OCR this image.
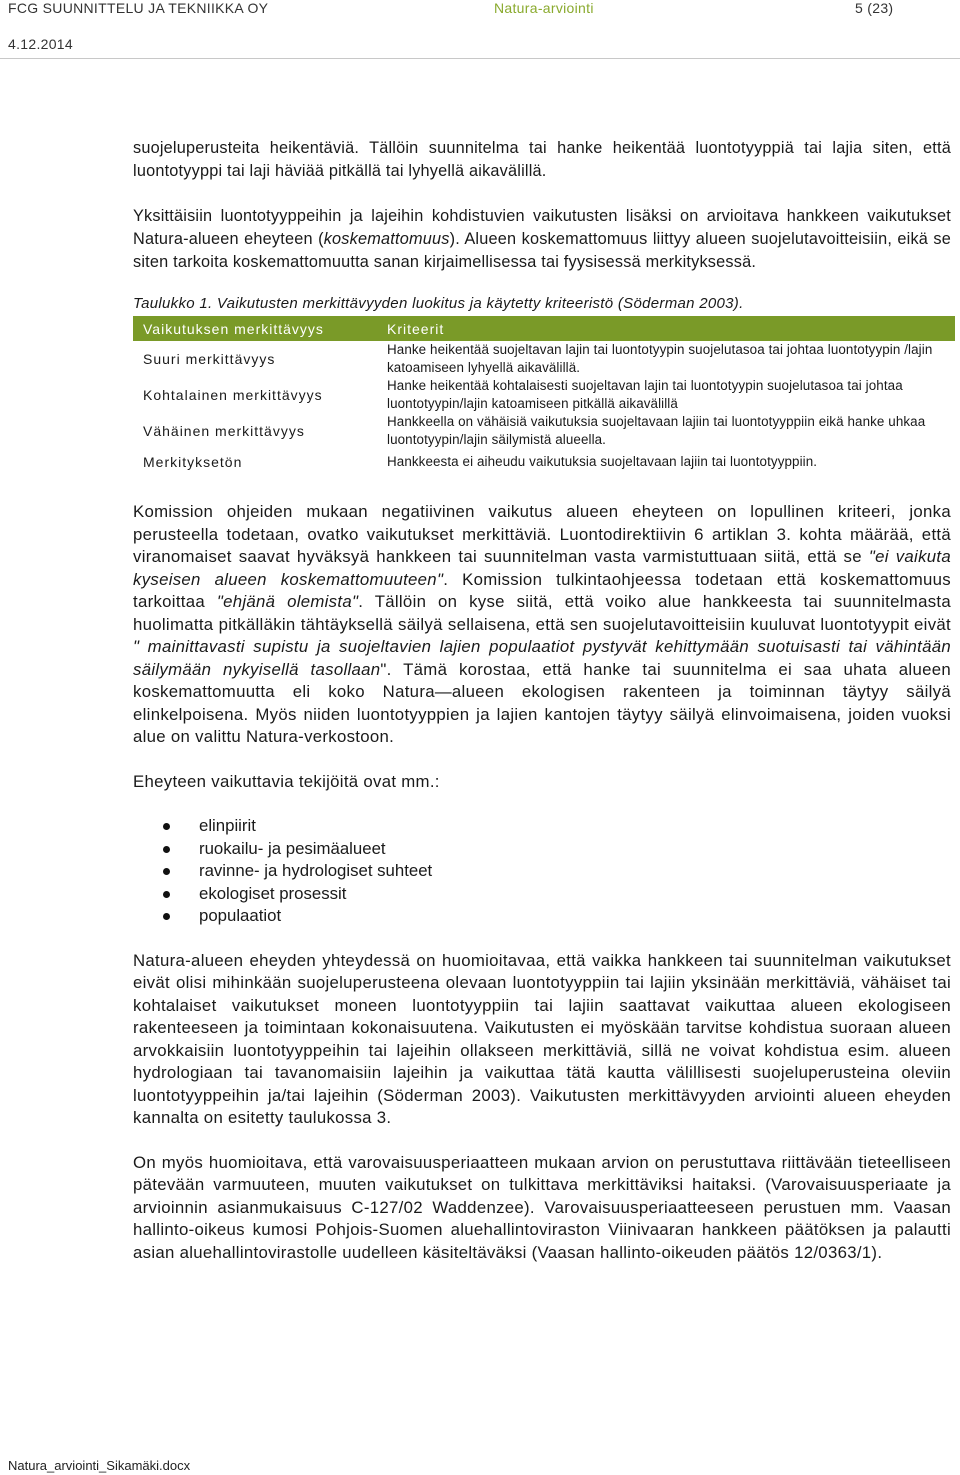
FCG SUUNNITTELU JA TEKNIIKKA OY	Natura-arviointi	5 (23)
4.12.2014

suojeluperusteita heikentäviä. Tällöin suunnitelma tai hanke heikentää luontotyyppiä tai lajia siten, että luontotyyppi tai laji häviää pitkällä tai lyhyellä aikavälillä.

Yksittäisiin luontotyyppeihin ja lajeihin kohdistuvien vaikutusten lisäksi on arvioitava hankkeen vaikutukset Natura-alueen eheyteen (koskemattomuus). Alueen koskemattomuus liittyy alueen suojelutavoitteisiin, eikä se siten tarkoita koskemattomuutta sanan kirjaimellisessa tai fyysisessä merkityksessä.

Taulukko 1. Vaikutusten merkittävyyden luokitus ja käytetty kriteeristö (Söderman 2003).

Vaikutuksen merkittävyys	Kriteerit
Suuri merkittävyys	Hanke heikentää suojeltavan lajin tai luontotyypin suojelutasoa tai johtaa luontotyypin /lajin katoamiseen lyhyellä aikavälillä.
Kohtalainen merkittävyys	Hanke heikentää kohtalaisesti suojeltavan lajin tai luontotyypin suojelutasoa tai johtaa luontotyypin/lajin katoamiseen pitkällä aikavälillä
Vähäinen merkittävyys	Hankkeella on vähäisiä vaikutuksia suojeltavaan lajiin tai luontotyyppiin eikä hanke uhkaa luontotyypin/lajin säilymistä alueella.
Merkityksetön	Hankkeesta ei aiheudu vaikutuksia suojeltavaan lajiin tai luontotyyppiin.

Komission ohjeiden mukaan negatiivinen vaikutus alueen eheyteen on lopullinen kriteeri, jonka perusteella todetaan, ovatko vaikutukset merkittäviä. Luontodirektiivin 6 artiklan 3. kohta määrää, että viranomaiset saavat hyväksyä hankkeen tai suunnitelman vasta varmistuttuaan siitä, että se "ei vaikuta kyseisen alueen koskemattomuuteen". Komission tulkintaohjeessa todetaan että koskemattomuus tarkoittaa "ehjänä olemista". Tällöin on kyse siitä, että voiko alue hankkeesta tai suunnitelmasta huolimatta pitkälläkin tähtäyksellä säilyä sellaisena, että sen suojelutavoitteisiin kuuluvat luontotyypit eivät " mainittavasti supistu ja suojeltavien lajien populaatiot pystyvät kehittymään suotuisasti tai vähintään säilymään nykyisellä tasollaan". Tämä korostaa, että hanke tai suunnitelma ei saa uhata alueen koskemattomuutta eli koko Natura—alueen ekologisen rakenteen ja toiminnan täytyy säilyä elinkelpoisena. Myös niiden luontotyyppien ja lajien kantojen täytyy säilyä elinvoimaisena, joiden vuoksi alue on valittu Natura-verkostoon.

Eheyteen vaikuttavia tekijöitä ovat mm.:

elinpiirit
ruokailu- ja pesimäalueet
ravinne- ja hydrologiset suhteet
ekologiset prosessit
populaatiot

Natura-alueen eheyden yhteydessä on huomioitavaa, että vaikka hankkeen tai suunnitelman vaikutukset eivät olisi mihinkään suojeluperusteena olevaan luontotyyppiin tai lajiin yksinään merkittäviä, vähäiset tai kohtalaiset vaikutukset moneen luontotyyppiin tai lajiin saattavat vaikuttaa alueen ekologiseen rakenteeseen ja toimintaan kokonaisuutena. Vaikutusten ei myöskään tarvitse kohdistua suoraan alueen arvokkaisiin luontotyyppeihin tai lajeihin ollakseen merkittäviä, sillä ne voivat kohdistua esim. alueen hydrologiaan tai tavanomaisiin lajeihin ja vaikuttaa tätä kautta välillisesti suojeluperusteina oleviin luontotyyppeihin ja/tai lajeihin (Söderman 2003). Vaikutusten merkittävyyden arviointi alueen eheyden kannalta on esitetty taulukossa 3.

On myös huomioitava, että varovaisuusperiaatteen mukaan arvion on perustuttava riittävään tieteelliseen pätevään varmuuteen, muuten vaikutukset on tulkittava merkittäviksi haitaksi. (Varovaisuusperiaate ja arvioinnin asianmukaisuus C-127/02 Waddenzee). Varovaisuusperiaatteeseen perustuen mm. Vaasan hallinto-oikeus kumosi Pohjois-Suomen aluehallintoviraston Viinivaaran hankkeen päätöksen ja palautti asian aluehallintovirastolle uudelleen käsiteltäväksi (Vaasan hallinto-oikeuden päätös 12/0363/1).

Natura_arviointi_Sikamäki.docx
